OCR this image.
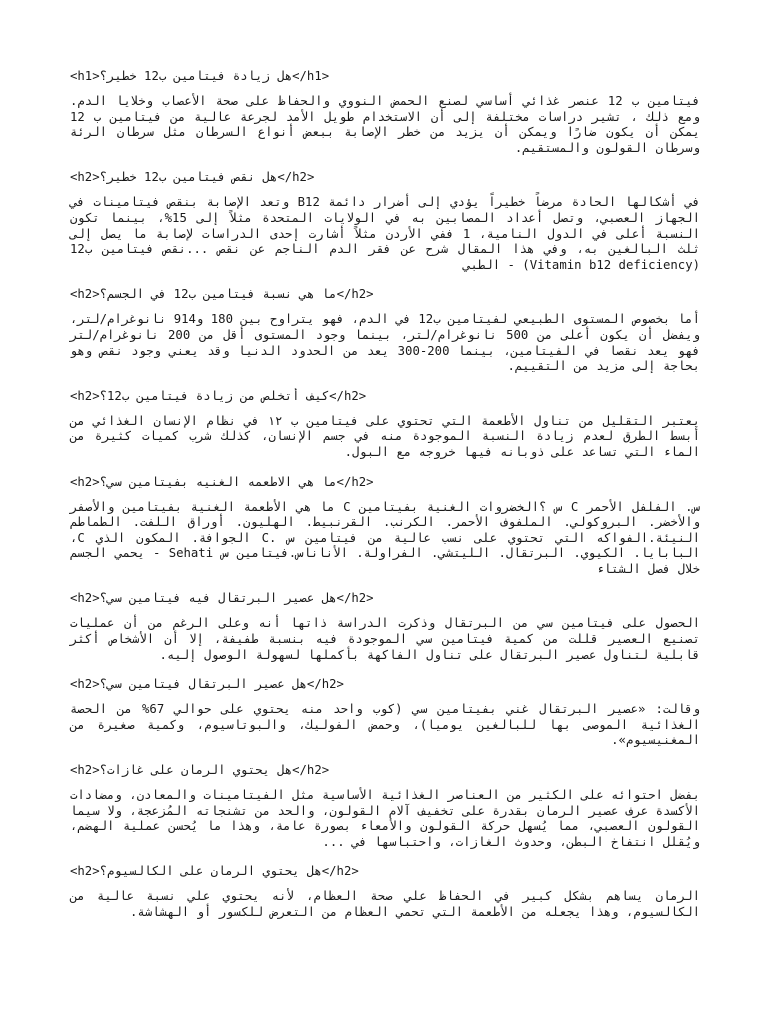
<h1>هل زيادة فيتامين ب12 خطير؟</h1>
فيتامين ب 12 عنصر غذائي أساسي لصنع الحمض النووي والحفاظ على صحة الأعصاب وخلايا الدم. ومع ذلك ، تشير دراسات مختلفة إلى أن الاستخدام طويل الأمد لجرعة عالية من فيتامين ب 12 يمكن أن يكون ضارًا ويمكن أن يزيد من خطر الإصابة ببعض أنواع السرطان مثل سرطان الرئة وسرطان القولون والمستقيم.
<h2>هل نقص فيتامين ب12 خطير؟</h2>
في أشكالها الحادة مرضاً خطيراً يؤدي إلى أضرار دائمة B12 وتعد الإصابة بنقص فيتامينات في الجهاز العصبي، وتصل أعداد المصابين به في الولايات المتحدة مثلاً إلى 15%، بينما تكون النسبة أعلى في الدول النامية، 1 ففي الأردن مثلاً أشارت إحدى الدراسات لإصابة ما يصل إلى ثلث البالغين به، وفي هذا المقال شرح عن فقر الدم الناجم عن نقص ...نقص فيتامين ب12 (Vitamin b12 deficiency) - الطبي
<h2>ما هي نسبة فيتامين ب12 في الجسم؟</h2>
أما بخصوص المستوى الطبيعي لفيتامين ب12 في الدم، فهو يتراوح بين 180 و914 نانوغرام/لتر، ويفضل أن يكون أعلى من 500 نانوغرام/لتر، بينما وجود المستوى أقل من 200 نانوغرام/لتر فهو يعد نقصا في الفيتامين، بينما 200-300 يعد من الحدود الدنيا وقد يعني وجود نقص وهو بحاجة إلى مزيد من التقييم.
<h2>كيف أتخلص من زيادة فيتامين ب12؟</h2>
يعتبر التقليل من تناول الأطعمة التي تحتوي على فيتامين ب ١٢ في نظام الإنسان الغذائي من أبسط الطرق لعدم زيادة النسبة الموجودة منه في جسم الإنسان، كذلك شرب كميات كثيرة من الماء التي تساعد على ذوبانه فيها خروجه مع البول.
<h2>ما هي الاطعمه الغنيه بفيتامين سي؟</h2>
س. الفلفل الأحمر C س ؟الخضروات الغنية بفيتامين C ما هي الأطعمة الغنية بفيتامين والأصفر والأخضر. البروكولي. الملفوف الأحمر. الكرنب. القرنبيط. الهليون. أوراق اللفت. الطماطم النيئة.الفواكه التي تحتوي على نسب عالية من فيتامين س .C الجوافة. المكون الذي C، البابايا. الكيوي. البرتقال. الليتشي. الفراولة. الأناناس.فيتامين س Sehati - يحمي الجسم خلال فصل الشتاء
<h2>هل عصير البرتقال فيه فيتامين سي؟</h2>
الحصول على فيتامين سي من البرتقال وذكرت الدراسة ذاتها أنه وعلى الرغم من أن عمليات تصنيع العصير قللت من كمية فيتامين سي الموجودة فيه بنسبة طفيفة، إلا أن الأشخاص أكثر قابلية لتناول عصير البرتقال على تناول الفاكهة بأكملها لسهولة الوصول إليه.
<h2>هل عصير البرتقال فيتامين سي؟</h2>
وقالت: «عصير البرتقال غني بفيتامين سي (كوب واحد منه يحتوي على حوالي 67% من الحصة الغذائية الموصى بها للبالغين يوميا)، وحمض الفوليك، والبوتاسيوم، وكمية صغيرة من المغنيسيوم».
<h2>هل يحتوي الرمان على غازات؟</h2>
بفضل احتوائه على الكثير من العناصر الغذائية الأساسية مثل الفيتامينات والمعادن، ومضادات الأكسدة عرف عصير الرمان بقدرة على تخفيف آلام القولون، والحد من تشنجاته المُزعجة، ولا سيما القولون العصبي، مما يُسهل حركة القولون والأمعاء بصورة عامة، وهذا ما يُحسن عملية الهضم، ويُقلل انتفاخ البطن، وحدوث الغازات، واحتباسها في ...
<h2>هل يحتوي الرمان على الكالسيوم؟</h2>
الرمان يساهم بشكل كبير في الحفاظ علي صحة العظام، لأنه يحتوي علي نسبة عالية من الكالسيوم، وهذا يجعله من الأطعمة التي تحمي العظام من التعرض للكسور أو الهشاشة.
